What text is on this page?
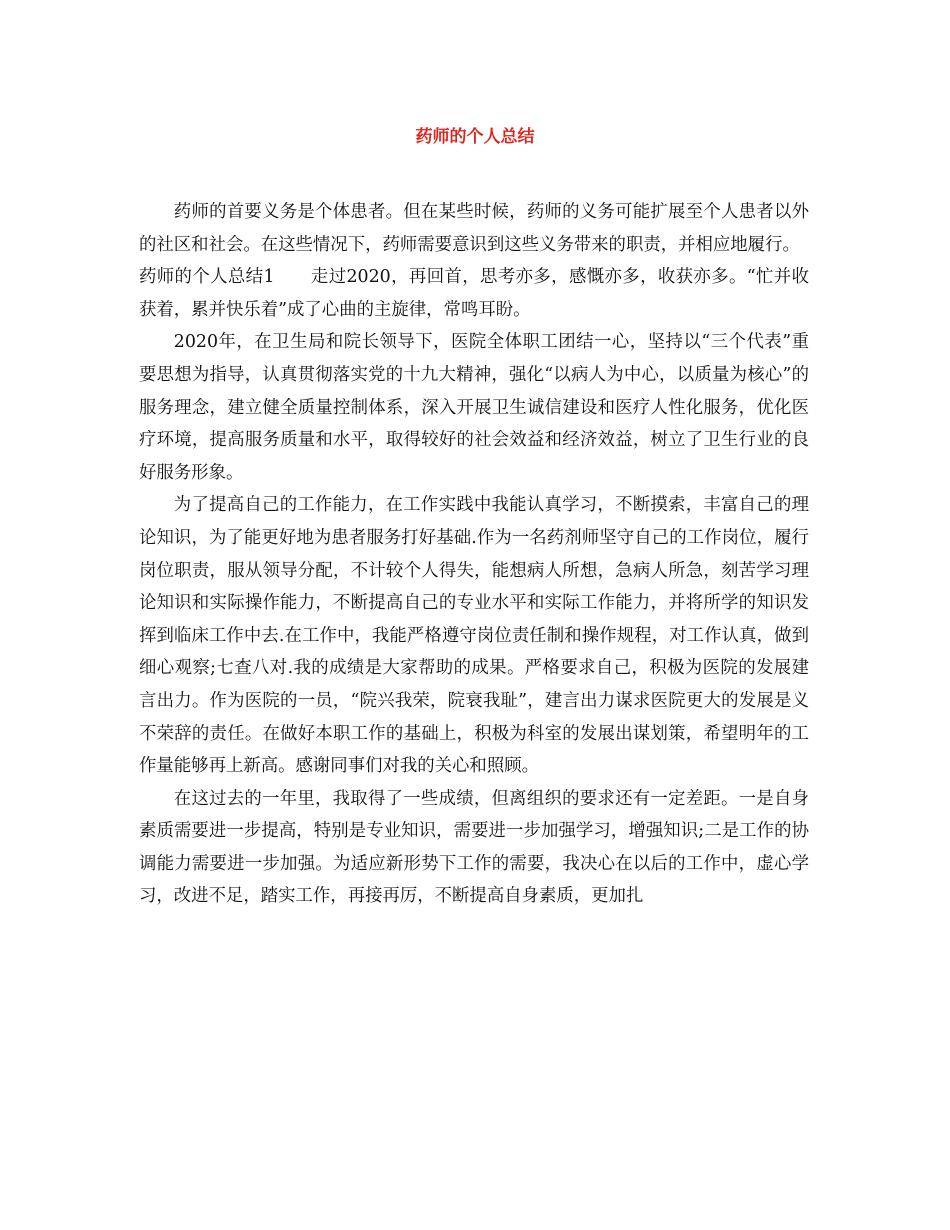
药师的个人总结

药师的首要义务是个体患者。但在某些时候，药师的义务可能扩展至个人患者以外的社区和社会。在这些情况下，药师需要意识到这些义务带来的职责，并相应地履行。

药师的个人总结1 走过2020，再回首，思考亦多，感慨亦多，收获亦多。“忙并收获着，累并快乐着”成了心曲的主旋律，常鸣耳盼。

2020年，在卫生局和院长领导下，医院全体职工团结一心，坚持以“三个代表”重要思想为指导，认真贯彻落实党的十九大精神，强化“以病人为中心，以质量为核心”的服务理念，建立健全质量控制体系，深入开展卫生诚信建设和医疗人性化服务，优化医疗环境，提高服务质量和水平，取得较好的社会效益和经济效益，树立了卫生行业的良好服务形象。

为了提高自己的工作能力，在工作实践中我能认真学习，不断摸索，丰富自己的理论知识，为了能更好地为患者服务打好基础.作为一名药剂师坚守自己的工作岗位，履行岗位职责，服从领导分配，不计较个人得失，能想病人所想，急病人所急，刻苦学习理论知识和实际操作能力，不断提高自己的专业水平和实际工作能力，并将所学的知识发挥到临床工作中去.在工作中，我能严格遵守岗位责任制和操作规程，对工作认真，做到细心观察;七查八对.我的成绩是大家帮助的成果。严格要求自己，积极为医院的发展建言出力。作为医院的一员，“院兴我荣，院衰我耻”，建言出力谋求医院更大的发展是义不荣辞的责任。在做好本职工作的基础上，积极为科室的发展出谋划策，希望明年的工作量能够再上新高。感谢同事们对我的关心和照顾。

在这过去的一年里，我取得了一些成绩，但离组织的要求还有一定差距。一是自身素质需要进一步提高，特别是专业知识，需要进一步加强学习，增强知识;二是工作的协调能力需要进一步加强。为适应新形势下工作的需要，我决心在以后的工作中，虚心学习，改进不足，踏实工作，再接再厉，不断提高自身素质，更加扎
